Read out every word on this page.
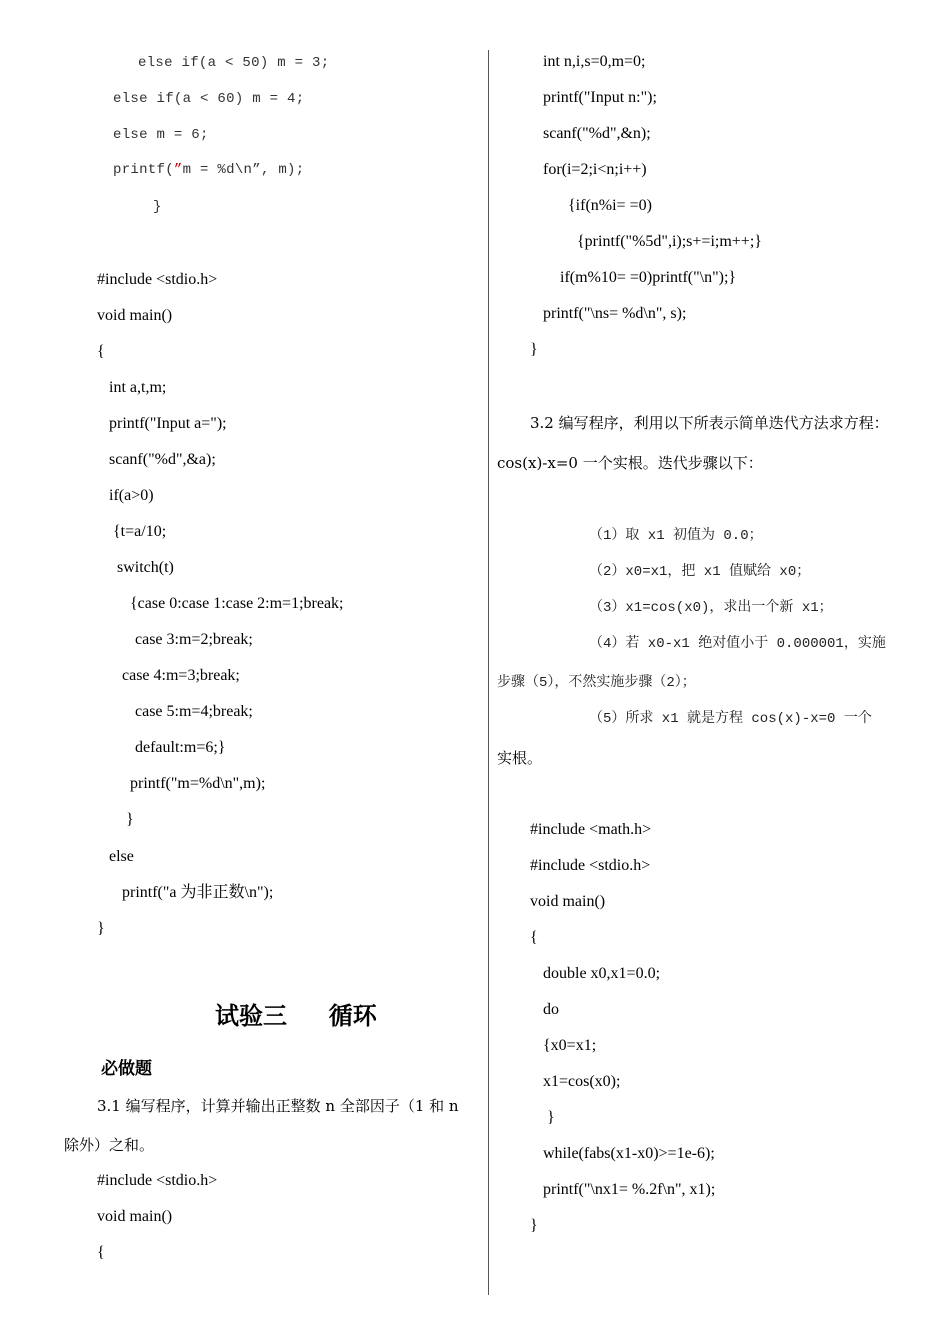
else if(a < 50) m = 3;
else if(a < 60) m = 4;
else m = 6;
printf(”m = %d\n”, m);
}
#include <stdio.h>
void main()
{
int a,t,m;
printf("Input a=");
scanf("%d",&a);
if(a>0)
{t=a/10;
switch(t)
{case 0:case 1:case 2:m=1;break;
case 3:m=2;break;
case 4:m=3;break;
case 5:m=4;break;
default:m=6;}
printf("m=%d\n",m);
}
else
printf("a 为非正数\n");
}
试验三     循环
必做题
3.1 编写程序，计算并输出正整数 n 全部因子（1 和 n
除外）之和。
#include <stdio.h>
void main()
{
int n,i,s=0,m=0;
printf("Input n:");
scanf("%d",&n);
for(i=2;i<n;i++)
{if(n%i= =0)
{printf("%5d",i);s+=i;m++;}
if(m%10= =0)printf("\n");}
printf("\ns= %d\n", s);
}
3.2 编写程序，利用以下所表示简单迭代方法求方程：
cos(x)-x=0 一个实根。迭代步骤以下：
（1）取 x1 初值为 0.0；
（2）x0=x1，把 x1 值赋给 x0；
（3）x1=cos(x0)，求出一个新 x1；
（4）若 x0-x1 绝对值小于 0.000001，实施
步骤（5），不然实施步骤（2）；
（5）所求 x1 就是方程 cos(x)-x=0 一个
实根。
#include <math.h>
#include <stdio.h>
void main()
{
double x0,x1=0.0;
do
{x0=x1;
x1=cos(x0);
}
while(fabs(x1-x0)>=1e-6);
printf("\nx1= %.2f\n", x1);
}
